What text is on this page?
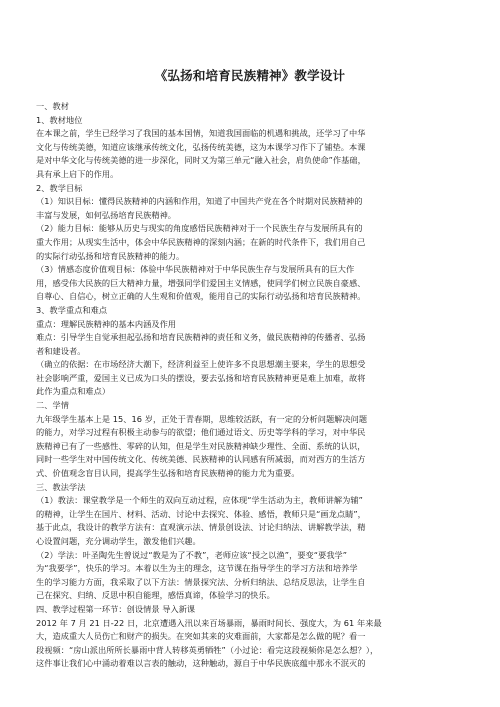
《弘扬和培育民族精神》教学设计
一、教材
1、教材地位
在本课之前，学生已经学习了我国的基本国情，知道我国面临的机遇和挑战，还学习了中华
文化与传统美德，知道应该继承传统文化，弘扬传统美德，这为本课学习作下了铺垫。本课
是对中华文化与传统美德的进一步深化，同时又为第三单元“融入社会，肩负使命”作基础，
具有承上启下的作用。
2、教学目标
（1）知识目标：懂得民族精神的内涵和作用，知道了中国共产党在各个时期对民族精神的
丰富与发展，如何弘扬培育民族精神。
（2）能力目标：能够从历史与现实的角度感悟民族精神对于一个民族生存与发展所具有的
重大作用；从现实生活中，体会中华民族精神的深刻内涵；在新的时代条件下，我们用自己
的实际行动弘扬和培育民族精神的能力。
（3）情感态度价值观目标：体验中华民族精神对于中华民族生存与发展所具有的巨大作
用，感受伟大民族的巨大精神力量，增强同学们爱国主义情感，使同学们树立民族自豪感、
自尊心、自信心，树立正确的人生观和价值观，能用自己的实际行动弘扬和培育民族精神。
3、教学重点和难点
重点：理解民族精神的基本内涵及作用
难点：引导学生自觉承担起弘扬和培育民族精神的责任和义务，做民族精神的传播者、弘扬
者和建设者。
（确立的依据：在市场经济大潮下，经济利益至上使许多不良思想潮主要来，学生的思想受
社会影响严重，爱国主义已成为口头的摆设，要去弘扬和培育民族精神更是难上加难，故将
此作为重点和难点）
二、学情
九年级学生基本上是 15、16 岁，正处于青春期，思维较活跃，有一定的分析问题解决问题
的能力，对学习过程有积极主动参与的欲望；他们通过语文、历史等学科的学习，对中华民
族精神已有了一些感性、零碎的认知，但是学生对民族精神缺少理性、全面、系统的认识，
同时一些学生对中国传统文化、传统美德、民族精神的认同感有所减弱，而对西方的生活方
式、价值观念盲目认同，提高学生弘扬和培育民族精神的能力尤为重要。
三、教法学法
（1）教法：课堂教学是一个师生的双向互动过程，应体现“学生活动为主，教师讲解为辅”
的精神，让学生在国片、材料、活动、讨论中去探究、体验、感悟，教师只是“画龙点睛”，
基于此点，我设计的教学方法有：直观演示法、情景创设法、讨论归纳法、讲解教学法，精
心设置问题，充分调动学生，激发他们兴趣。
（2）学法：叶圣陶先生曾说过“教是为了不教”，老师应该“授之以渔”，要变“要我学”
为“我要学”，快乐的学习。本着以生为主的理念，这节课在指导学生的学习方法和培养学
生的学习能力方面，我采取了以下方法：情景探究法、分析归纳法、总结反思法，让学生自
己在探究、归纳、反思中积自能理，感悟真谛，体验学习的快乐。
四、教学过程第一环节：创设情景 导入新课
2012 年 7 月 21 日-22 日，北京遭遇入汛以来百场暴雨，暴雨时间长、强度大，为 61 年来最
大，造成重大人员伤亡和财产的损失。在突如其来的灾难面前，大家都是怎么做的呢？看一
段视频：“房山派出所所长暴雨中背人转移英勇牺牲”（小过论：看完这段视频你是怎么想？），
这件事让我们心中涌动着难以言表的触动，这种触动，源自于中华民族底蕴中那永不泯灭的
